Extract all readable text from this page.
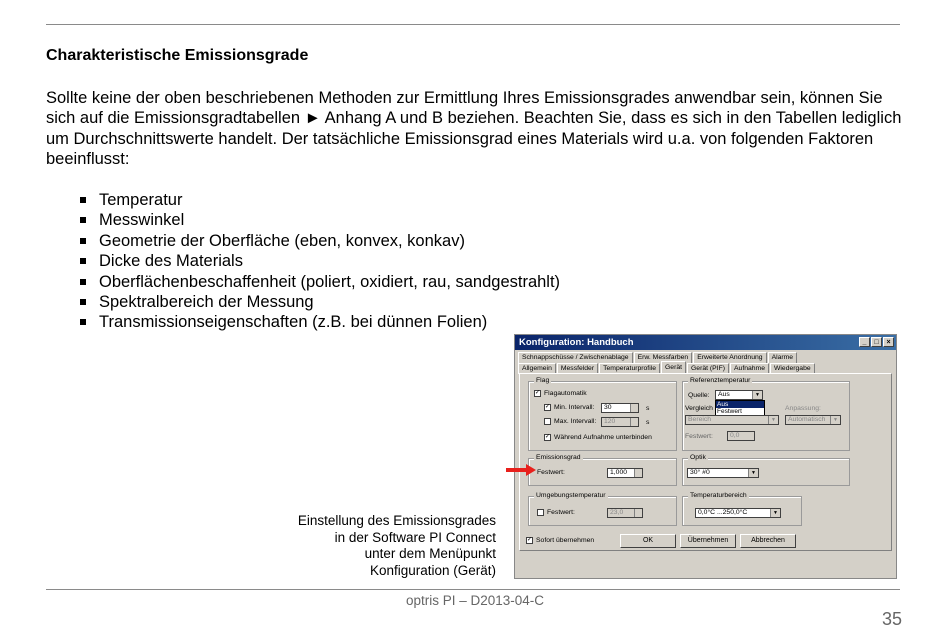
Charakteristische Emissionsgrade
Sollte keine der oben beschriebenen Methoden zur Ermittlung Ihres Emissionsgrades anwendbar sein, können Sie sich auf die Emissionsgradtabellen ► Anhang A und B beziehen. Beachten Sie, dass es sich in den Tabellen lediglich um Durchschnittswerte handelt. Der tatsächliche Emissionsgrad eines Materials wird u.a. von folgenden Faktoren beeinflusst:
Temperatur
Messwinkel
Geometrie der Oberfläche (eben, konvex, konkav)
Dicke des Materials
Oberflächenbeschaffenheit (poliert, oxidiert, rau, sandgestrahlt)
Spektralbereich der Messung
Transmissionseigenschaften (z.B. bei dünnen Folien)
Einstellung des Emissionsgrades
in der Software PI Connect
unter dem Menüpunkt
Konfiguration (Gerät)
Konfiguration: Handbuch	_	□	×
Schnappschüsse / Zwischenablage	Erw. Messfarben	Erweiterte Anordnung	Alarme
Allgemein	Messfelder	Temperaturprofile	Gerät	Gerät (PIF)	Aufnahme	Wiedergabe
Flag
✓ Flagautomatik
✓ Min. Intervall:	30	s
Max. Intervall:	120	s
✓ Während Aufnahme unterbinden
Referenztemperatur
Quelle:	Aus	▼
Aus
Festwert
Vergleich
Bereich	▼
Anpassung:
Automatisch	▼
Festwert:	0,0
Emissionsgrad
Festwert:	1,000
Optik
30° #0	▼
Umgebungstemperatur
Festwert:	23,0
Temperaturbereich
0,0°C ...250,0°C	▼
✓ Sofort übernehmen	OK	Übernehmen	Abbrechen
optris PI – D2013-04-C
35
